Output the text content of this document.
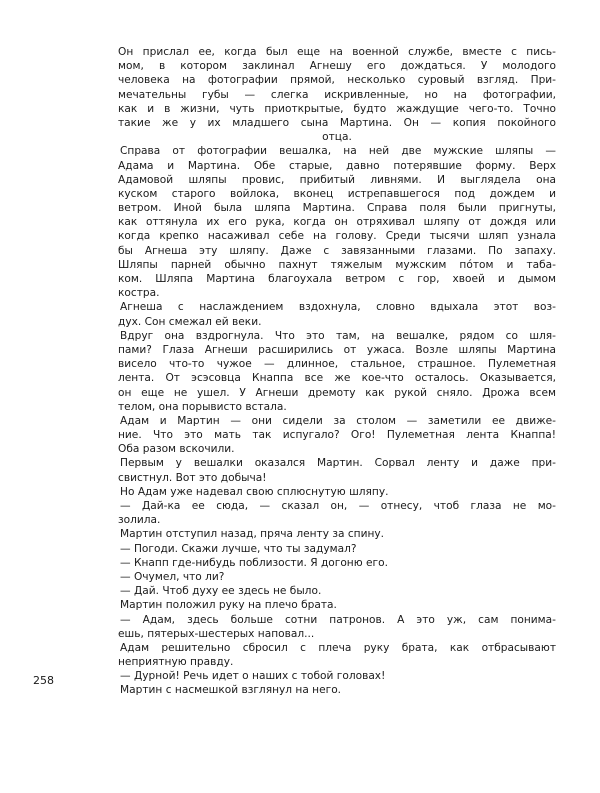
Он прислал ее, когда был еще на военной службе, вместе с пись-
мом, в котором заклинал Агнешу его дождаться. У молодого
человека на фотографии прямой, несколько суровый взгляд. При-
мечательны губы — слегка искривленные, но на фотографии,
как и в жизни, чуть приоткрытые, будто жаждущие чего-то. Точно
такие же у их младшего сына Мартина. Он — копия покойного
отца.
Справа от фотографии вешалка, на ней две мужские шляпы —
Адама и Мартина. Обе старые, давно потерявшие форму. Верх
Адамовой шляпы провис, прибитый ливнями. И выглядела она
куском старого войлока, вконец истрепавшегося под дождем и
ветром. Иной была шляпа Мартина. Справа поля были пригнуты,
как оттянула их его рука, когда он отряхивал шляпу от дождя или
когда крепко насаживал себе на голову. Среди тысячи шляп узнала
бы Агнеша эту шляпу. Даже с завязанными глазами. По запаху.
Шляпы парней обычно пахнут тяжелым мужским пóтом и таба-
ком. Шляпа Мартина благоухала ветром с гор, хвоей и дымом
костра.
Агнеша с наслаждением вздохнула, словно вдыхала этот воз-
дух. Сон смежал ей веки.
Вдруг она вздрогнула. Что это там, на вешалке, рядом со шля-
пами? Глаза Агнеши расширились от ужаса. Возле шляпы Мартина
висело что-то чужое — длинное, стальное, страшное. Пулеметная
лента. От эсэсовца Кнаппа все же кое-что осталось. Оказывается,
он еще не ушел. У Агнеши дремоту как рукой сняло. Дрожа всем
телом, она порывисто встала.
Адам и Мартин — они сидели за столом — заметили ее движе-
ние. Что это мать так испугало? Ого! Пулеметная лента Кнаппа!
Оба разом вскочили.
Первым у вешалки оказался Мартин. Сорвал ленту и даже при-
свистнул. Вот это добыча!
Но Адам уже надевал свою сплюснутую шляпу.
— Дай-ка ее сюда, — сказал он, — отнесу, чтоб глаза не мо-
золила.
Мартин отступил назад, пряча ленту за спину.
— Погоди. Скажи лучше, что ты задумал?
— Кнапп где-нибудь поблизости. Я догоню его.
— Очумел, что ли?
— Дай. Чтоб духу ее здесь не было.
Мартин положил руку на плечо брата.
— Адам, здесь больше сотни патронов. А это уж, сам понима-
ешь, пятерых-шестерых наповал...
Адам решительно сбросил с плеча руку брата, как отбрасывают
неприятную правду.
— Дурной! Речь идет о наших с тобой головах!
Мартин с насмешкой взглянул на него.
258
